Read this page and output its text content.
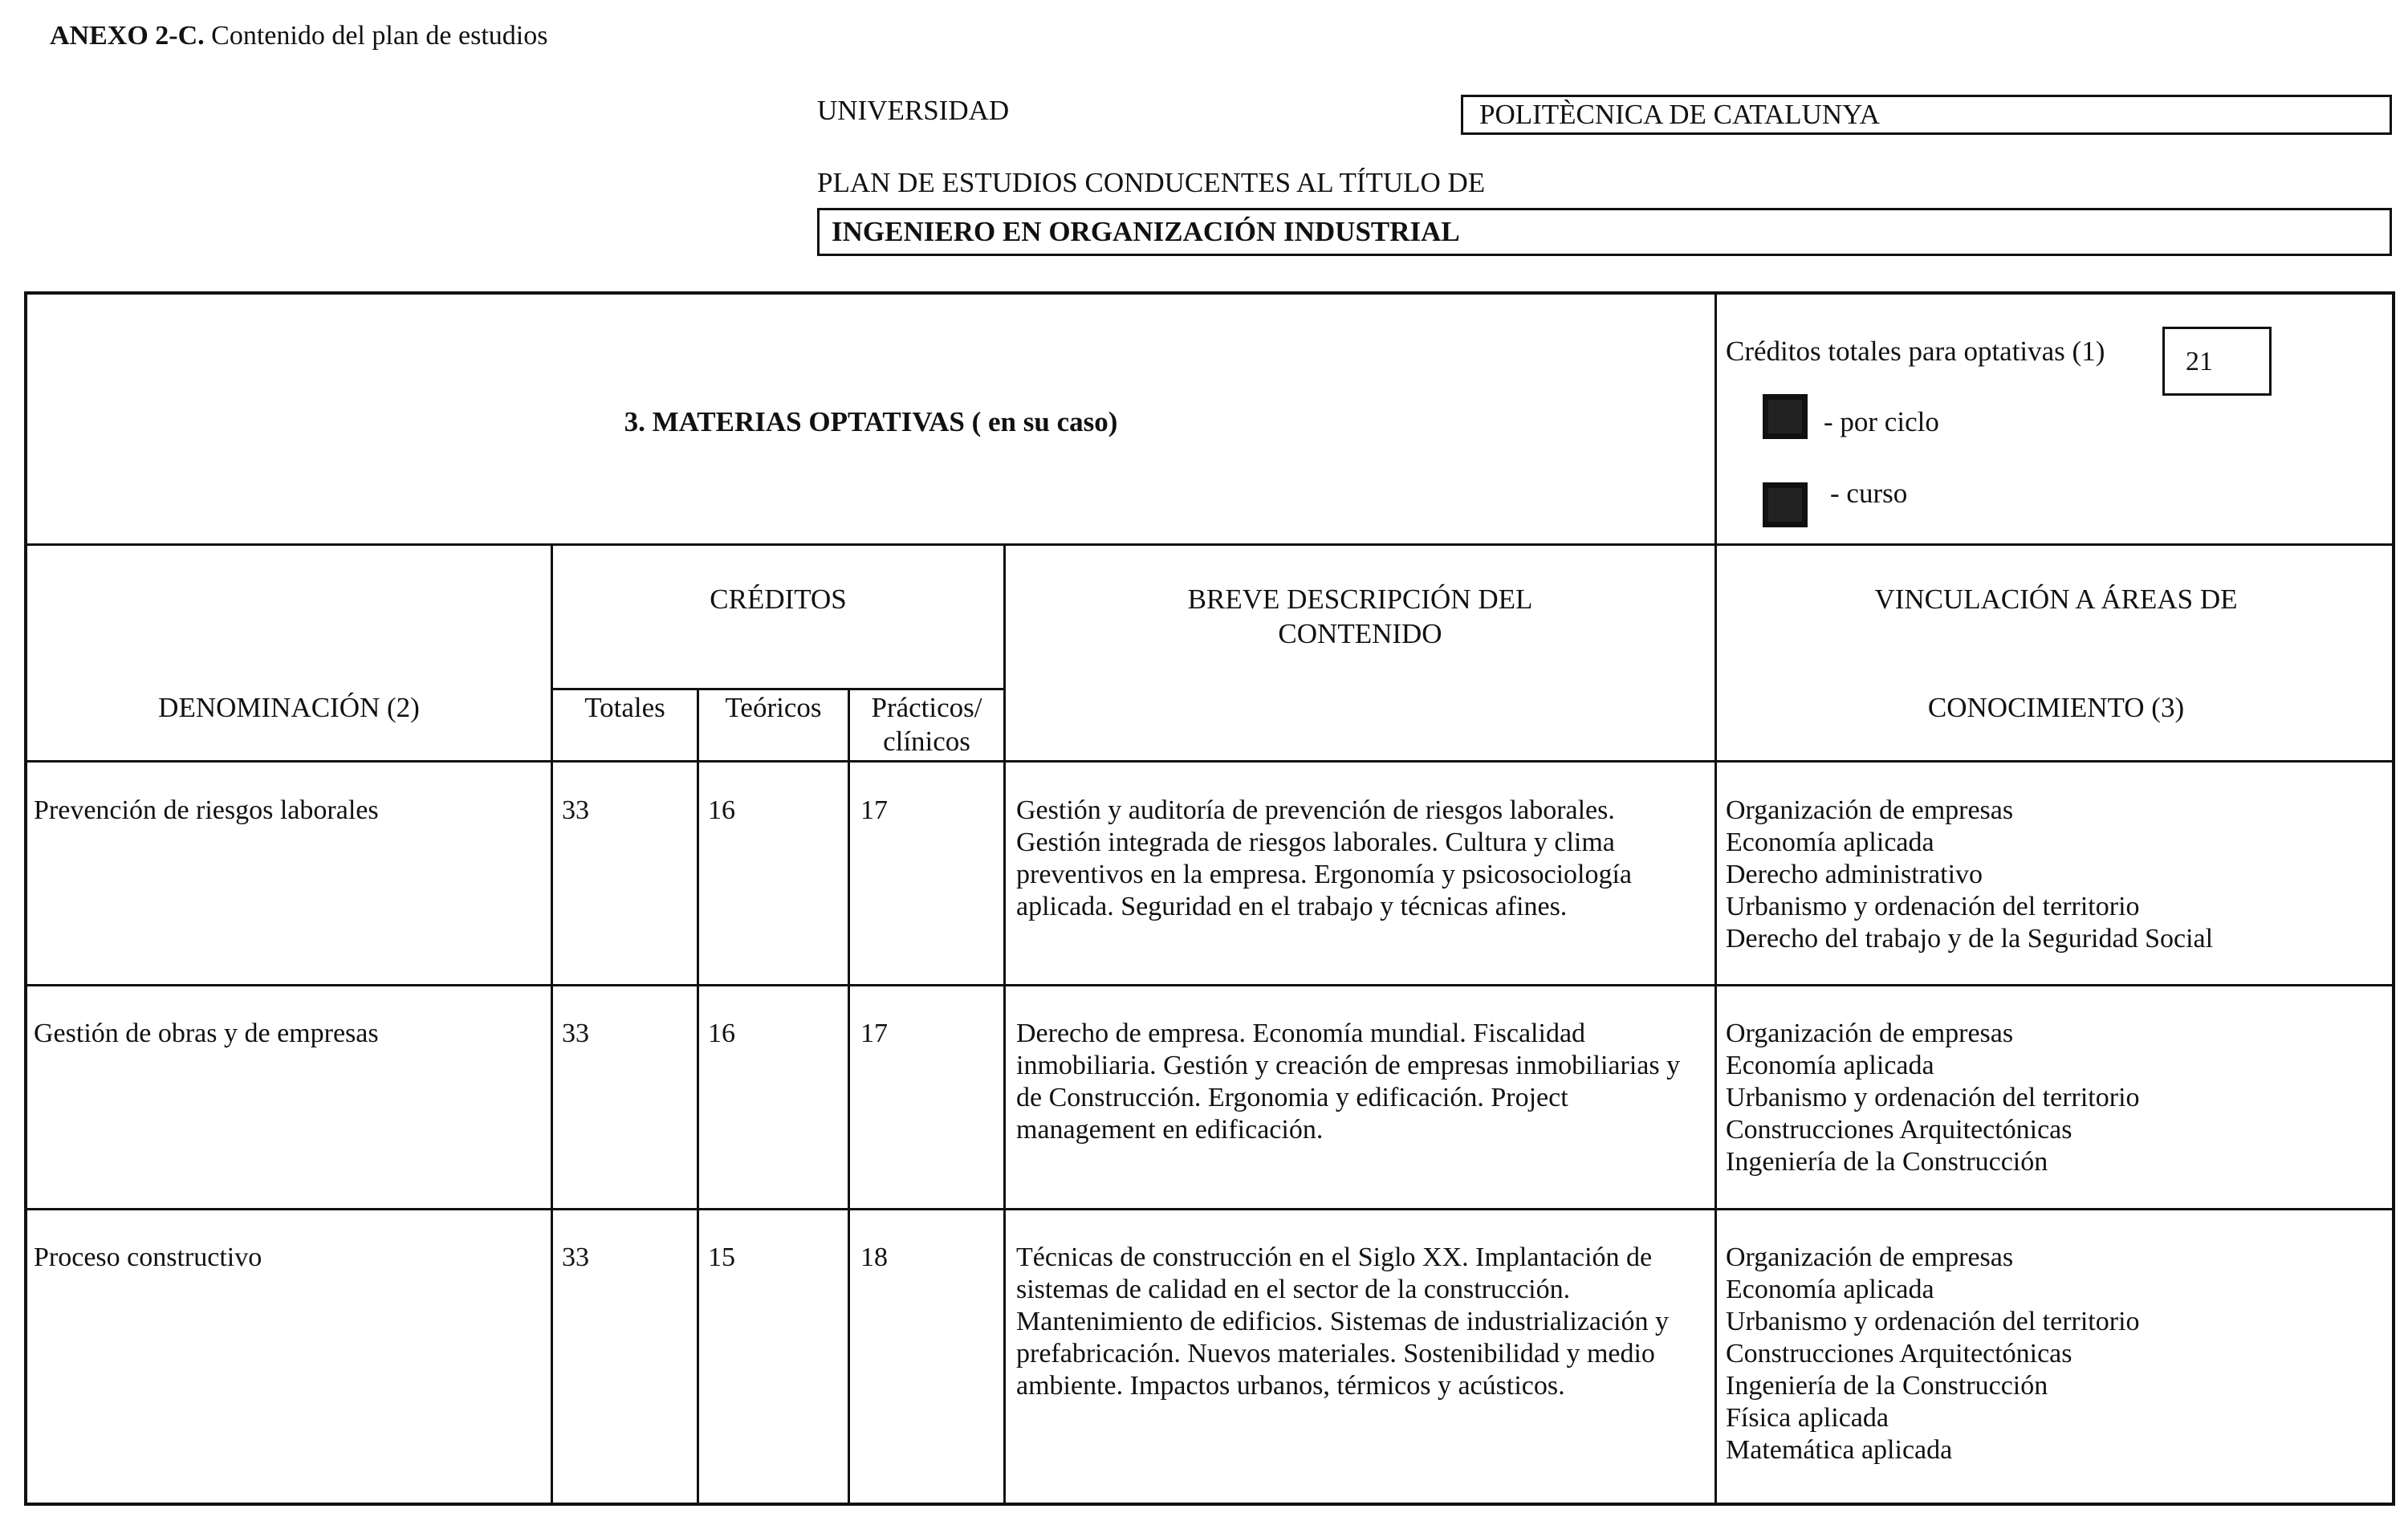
ANEXO 2-C. Contenido del plan de estudios
UNIVERSIDAD	POLITÈCNICA DE CATALUNYA
PLAN DE ESTUDIOS CONDUCENTES AL TÍTULO DE
INGENIERO EN ORGANIZACIÓN INDUSTRIAL
3. MATERIAS OPTATIVAS ( en su caso)
Créditos totales para optativas (1)	21
- por ciclo
- curso
DENOMINACIÓN (2)
CRÉDITOS
Totales	Teóricos	Prácticos/
clínicos
BREVE DESCRIPCIÓN DEL
CONTENIDO
VINCULACIÓN A ÁREAS DE
CONOCIMIENTO (3)
Prevención de riesgos laborales	33	16	17	Gestión y auditoría de prevención de riesgos laborales.
Gestión integrada de riesgos laborales. Cultura y clima
preventivos en la empresa. Ergonomía y psicosociología
aplicada. Seguridad en el trabajo y técnicas afines.
Organización de empresas
Economía aplicada
Derecho administrativo
Urbanismo y ordenación del territorio
Derecho del trabajo y de la Seguridad Social
Gestión de obras y de empresas	33	16	17	Derecho de empresa. Economía mundial. Fiscalidad
inmobiliaria. Gestión y creación de empresas inmobiliarias y
de Construcción. Ergonomia y edificación. Project
management en edificación.
Organización de empresas
Economía aplicada
Urbanismo y ordenación del territorio
Construcciones Arquitectónicas
Ingeniería de la Construcción
Proceso constructivo	33	15	18	Técnicas de construcción en el Siglo XX. Implantación de
sistemas de calidad en el sector de la construcción.
Mantenimiento de edificios. Sistemas de industrialización y
prefabricación. Nuevos materiales. Sostenibilidad y medio
ambiente. Impactos urbanos, térmicos y acústicos.
Organización de empresas
Economía aplicada
Urbanismo y ordenación del territorio
Construcciones Arquitectónicas
Ingeniería de la Construcción
Física aplicada
Matemática aplicada
